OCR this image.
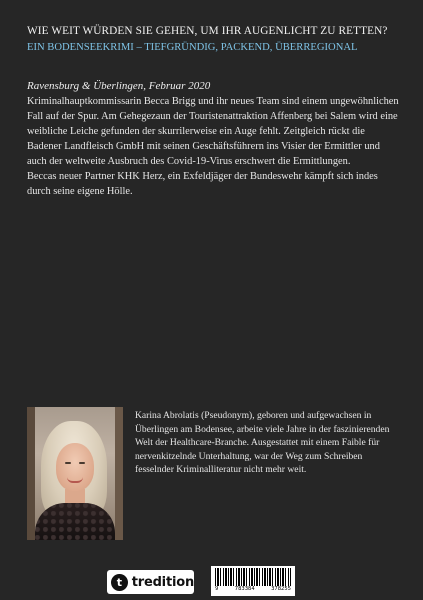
WIE WEIT WÜRDEN SIE GEHEN, UM IHR AUGENLICHT ZU RETTEN?
EIN BODENSEEKRIMI – TIEFGRÜNDIG, PACKEND, ÜBERREGIONAL
Ravensburg & Überlingen, Februar 2020
Kriminalhauptkommissarin Becca Brigg und ihr neues Team sind einem ungewöhnlichen Fall auf der Spur. Am Gehegezaun der Touristenattraktion Affenberg bei Salem wird eine weibliche Leiche gefunden der skurrilerweise ein Auge fehlt. Zeitgleich rückt die Badener Landfleisch GmbH mit seinen Geschäftsführern ins Visier der Ermittler und auch der weltweite Ausbruch des Covid-19-Virus erschwert die Ermittlungen.
Beccas neuer Partner KHK Herz, ein Exfeldjäger der Bundeswehr kämpft sich indes durch seine eigene Hölle.
Karina Abrolatis (Pseudonym), geboren und aufgewachsen in Überlingen am Bodensee, arbeite viele Jahre in der faszinierenden Welt der Healthcare-Branche. Ausgestattet mit einem Faible für nervenkitzelnde Unterhaltung, war der Weg zum Schreiben fesselnder Kriminalliteratur nicht mehr weit.
t tredition	9	783384	378255
